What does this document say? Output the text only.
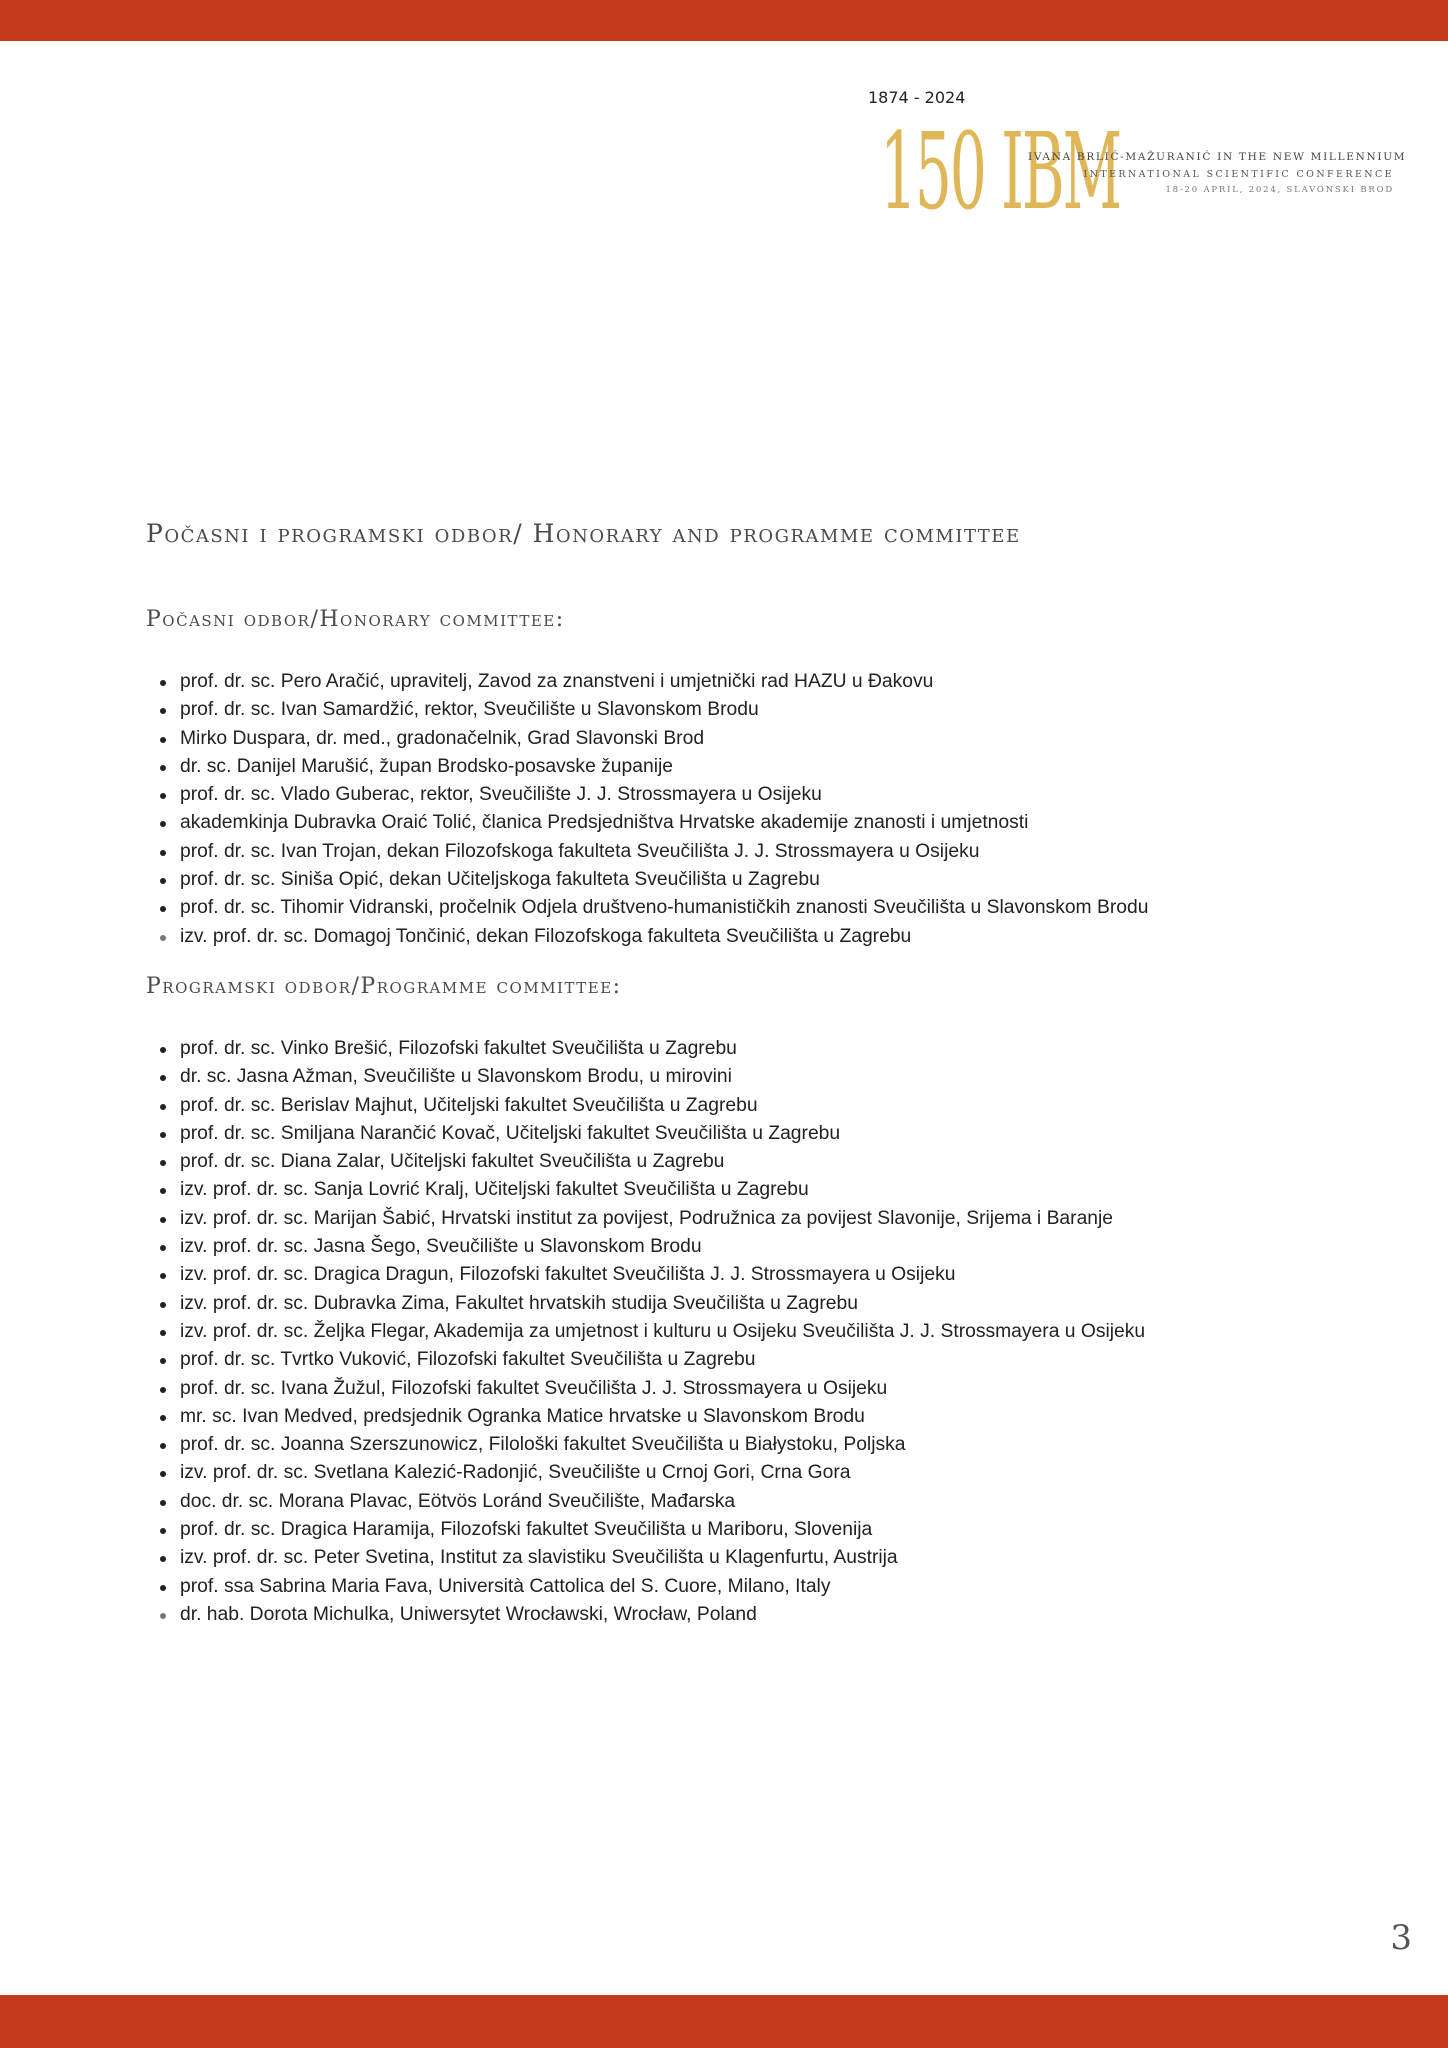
1874 - 2024
150 IBM
IVANA BRLIĆ-MAŽURANIĆ IN THE NEW MILLENNIUM
INTERNATIONAL SCIENTIFIC CONFERENCE
18-20 APRIL, 2024, SLAVONSKI BROD
Počasni i programski odbor/ Honorary and programme committee
Počasni odbor/Honorary committee:
prof. dr. sc. Pero Aračić, upravitelj, Zavod za znanstveni i umjetnički rad HAZU u Đakovu
prof. dr. sc. Ivan Samardžić, rektor, Sveučilište u Slavonskom Brodu
Mirko Duspara, dr. med., gradonačelnik, Grad Slavonski Brod
dr. sc. Danijel Marušić, župan Brodsko-posavske županije
prof. dr. sc. Vlado Guberac, rektor, Sveučilište J. J. Strossmayera u Osijeku
akademkinja Dubravka Oraić Tolić, članica Predsjedništva Hrvatske akademije znanosti i umjetnosti
prof. dr. sc. Ivan Trojan, dekan Filozofskoga fakulteta Sveučilišta J. J. Strossmayera u Osijeku
prof. dr. sc. Siniša Opić, dekan Učiteljskoga fakulteta Sveučilišta u Zagrebu
prof. dr. sc. Tihomir Vidranski, pročelnik Odjela društveno-humanističkih znanosti Sveučilišta u Slavonskom Brodu
izv. prof. dr. sc. Domagoj Tončinić, dekan Filozofskoga fakulteta Sveučilišta u Zagrebu
Programski odbor/Programme committee:
prof. dr. sc. Vinko Brešić, Filozofski fakultet Sveučilišta u Zagrebu
dr. sc. Jasna Ažman, Sveučilište u Slavonskom Brodu, u mirovini
prof. dr. sc. Berislav Majhut, Učiteljski fakultet Sveučilišta u Zagrebu
prof. dr. sc. Smiljana Narančić Kovač, Učiteljski fakultet Sveučilišta u Zagrebu
prof. dr. sc. Diana Zalar, Učiteljski fakultet Sveučilišta u Zagrebu
izv. prof. dr. sc. Sanja Lovrić Kralj, Učiteljski fakultet Sveučilišta u Zagrebu
izv. prof. dr. sc. Marijan Šabić, Hrvatski institut za povijest, Podružnica za povijest Slavonije, Srijema i Baranje
izv. prof. dr. sc. Jasna Šego, Sveučilište u Slavonskom Brodu
izv. prof. dr. sc. Dragica Dragun, Filozofski fakultet Sveučilišta J. J. Strossmayera u Osijeku
izv. prof. dr. sc. Dubravka Zima, Fakultet hrvatskih studija Sveučilišta u Zagrebu
izv. prof. dr. sc. Željka Flegar, Akademija za umjetnost i kulturu u Osijeku Sveučilišta J. J. Strossmayera u Osijeku
prof. dr. sc. Tvrtko Vuković, Filozofski fakultet Sveučilišta u Zagrebu
prof. dr. sc. Ivana Žužul, Filozofski fakultet Sveučilišta J. J. Strossmayera u Osijeku
mr. sc. Ivan Medved, predsjednik Ogranka Matice hrvatske u Slavonskom Brodu
prof. dr. sc. Joanna Szerszunowicz, Filološki fakultet Sveučilišta u Białystoku, Poljska
izv. prof. dr. sc. Svetlana Kalezić-Radonjić, Sveučilište u Crnoj Gori, Crna Gora
doc. dr. sc. Morana Plavac, Eötvös Loránd Sveučilište, Mađarska
prof. dr. sc. Dragica Haramija, Filozofski fakultet Sveučilišta u Mariboru, Slovenija
izv. prof. dr. sc. Peter Svetina, Institut za slavistiku Sveučilišta u Klagenfurtu, Austrija
prof. ssa Sabrina Maria Fava, Università Cattolica del S. Cuore, Milano, Italy
dr. hab. Dorota Michulka, Uniwersytet Wrocławski, Wrocław, Poland
3
